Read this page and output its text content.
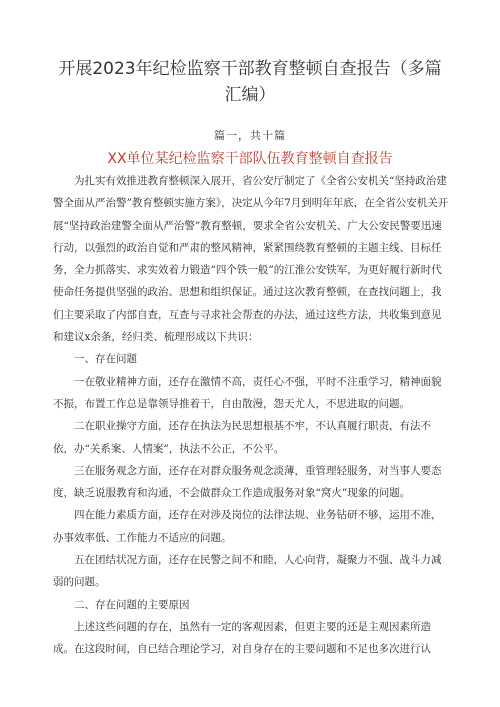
开展2023年纪检监察干部教育整顿自查报告（多篇汇编）
篇一，共十篇
XX单位某纪检监察干部队伍教育整顿自查报告

为扎实有效推进教育整顿深入展开，省公安厅制定了《全省公安机关“坚持政治建警全面从严治警”教育整顿实施方案》，决定从今年7月到明年年底，在全省公安机关开展“坚持政治建警全面从严治警”教育整顿，要求全省公安机关、广大公安民警要迅速行动，以强烈的政治自觉和严肃的整风精神，紧紧围绕教育整顿的主题主线、目标任务，全力抓落实、求实效着力锻造“四个铁一般”的江淮公安铁军，为更好履行新时代使命任务提供坚强的政治、思想和组织保证。通过这次教育整顿，在查找问题上，我们主要采取了内部自查，互查与寻求社会帮查的办法，通过这些方法，共收集到意见和建议x余条，经归类、梳理形成以下共识：

一、存在问题

一在敬业精神方面，还存在激情不高，责任心不强，平时不注重学习，精神面貌不振，布置工作总是靠领导推着干，自由散漫，怨天尤人，不思进取的问题。

二在职业操守方面，还存在执法为民思想根基不牢，不认真履行职责，有法不依，办“关系案、人情案”，执法不公正，不公平。

三在服务观念方面，还存在对群众服务观念淡薄，重管理轻服务，对当事人要态度，缺乏说服教育和沟通，不会做群众工作造成服务对象“窝火”现象的问题。

四在能力素质方面，还存在对涉及岗位的法律法规、业务钻研不够，运用不准，办事效率低、工作能力不适应的问题。

五在团结状况方面，还存在民警之间不和睦，人心向背，凝聚力不强、战斗力减弱的问题。

二、存在问题的主要原因

上述这些问题的存在，虽然有一定的客观因素，但更主要的还是主观因素所造成。在这段时间，自已结合理论学习，对自身存在的主要问题和不足也多次进行认
